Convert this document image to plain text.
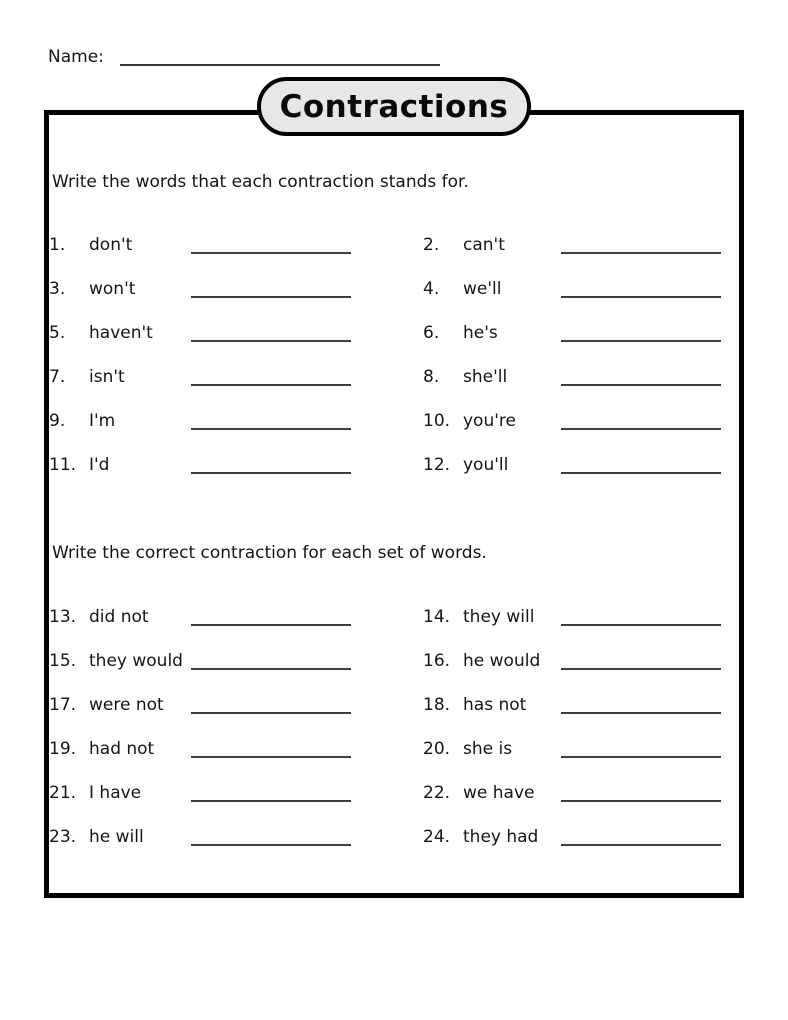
Name:
Contractions
Write the words that each contraction stands for.
1.	don't	2.	can't
3.	won't	4.	we'll
5.	haven't	6.	he's
7.	isn't	8.	she'll
9.	I'm	10. you're
11. I'd	12. you'll
Write the correct contraction for each set of words.
13. did not	14. they will
15. they would	16. he would
17. were not	18. has not
19. had not	20. she is
21. I have	22. we have
23. he will	24. they had
